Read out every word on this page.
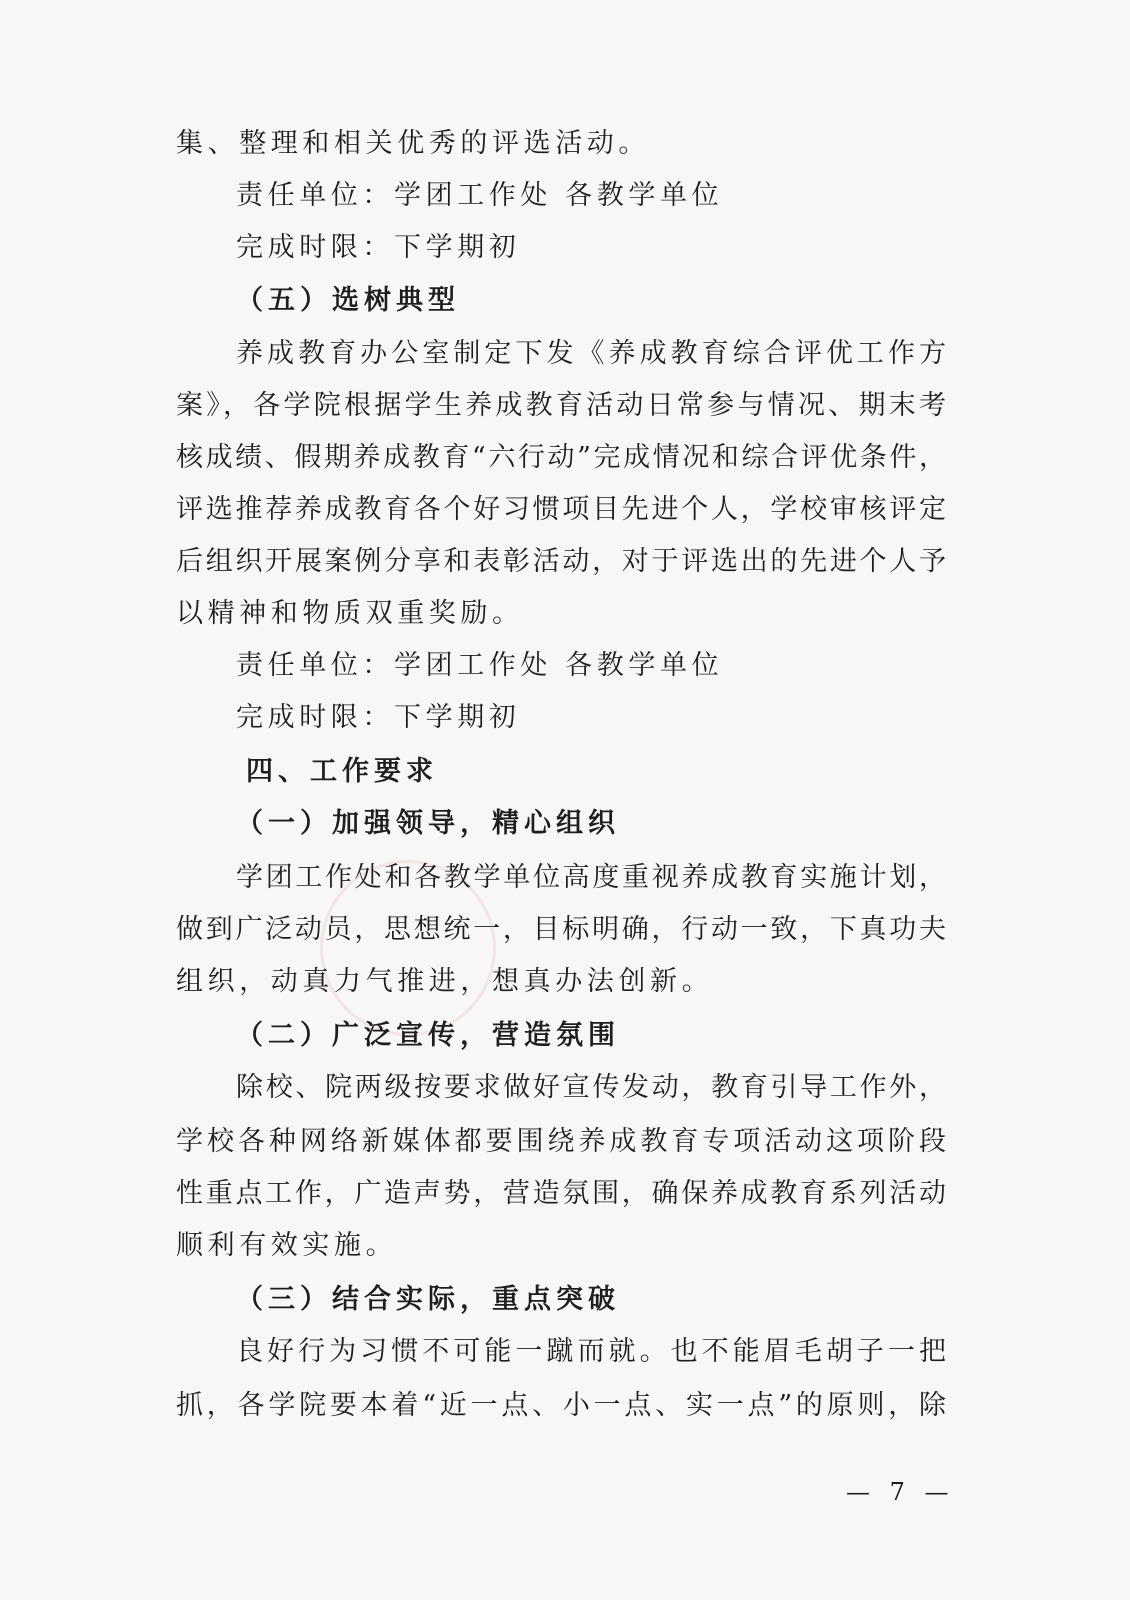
集、整理和相关优秀的评选活动。
责任单位：学团工作处 各教学单位
完成时限：下学期初
（五）选树典型
养成教育办公室制定下发《养成教育综合评优工作方
案》，各学院根据学生养成教育活动日常参与情况、期末考
核成绩、假期养成教育“六行动”完成情况和综合评优条件，
评选推荐养成教育各个好习惯项目先进个人，学校审核评定
后组织开展案例分享和表彰活动，对于评选出的先进个人予
以精神和物质双重奖励。
责任单位：学团工作处 各教学单位
完成时限：下学期初
四、工作要求
（一）加强领导，精心组织
学团工作处和各教学单位高度重视养成教育实施计划，
做到广泛动员，思想统一，目标明确，行动一致，下真功夫
组织，动真力气推进，想真办法创新。
（二）广泛宣传，营造氛围
除校、院两级按要求做好宣传发动，教育引导工作外，
学校各种网络新媒体都要围绕养成教育专项活动这项阶段
性重点工作，广造声势，营造氛围，确保养成教育系列活动
顺利有效实施。
（三）结合实际，重点突破
良好行为习惯不可能一蹴而就。也不能眉毛胡子一把
抓，各学院要本着“近一点、小一点、实一点”的原则，除
— 7 —
